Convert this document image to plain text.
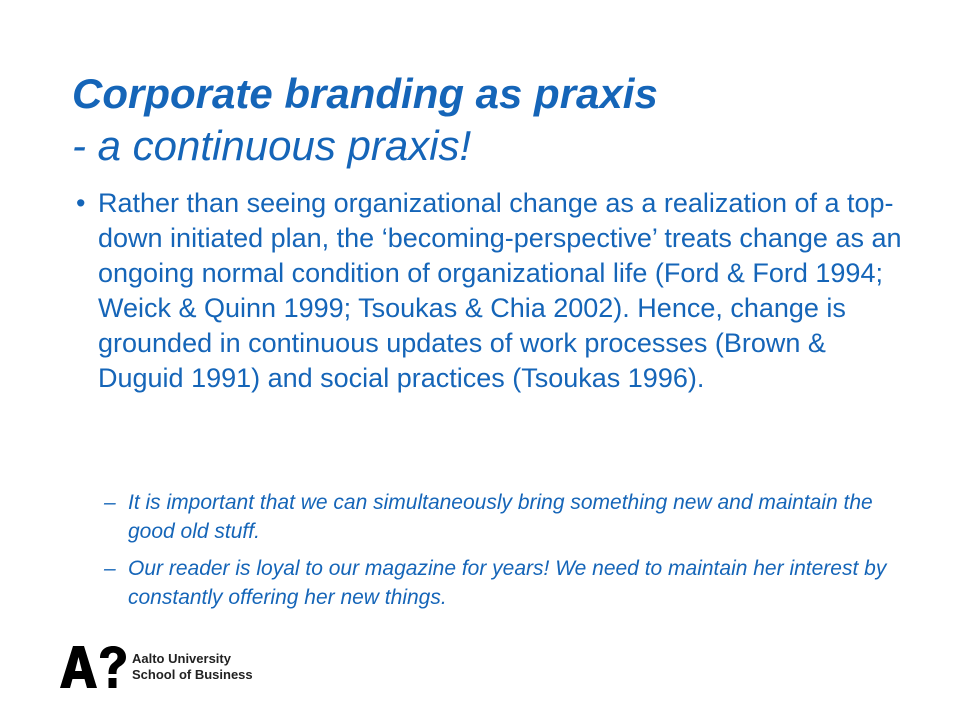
Corporate branding as praxis
- a continuous praxis!
• Rather than seeing organizational change as a realization of a top-down initiated plan, the ‘becoming-perspective’ treats change as an ongoing normal condition of organizational life (Ford & Ford 1994; Weick & Quinn 1999; Tsoukas & Chia 2002). Hence, change is grounded in continuous updates of work processes (Brown & Duguid 1991) and social practices (Tsoukas 1996).
– It is important that we can simultaneously bring something new and maintain the good old stuff.
– Our reader is loyal to our magazine for years! We need to maintain her interest by constantly offering her new things.
Aalto University
School of Business
